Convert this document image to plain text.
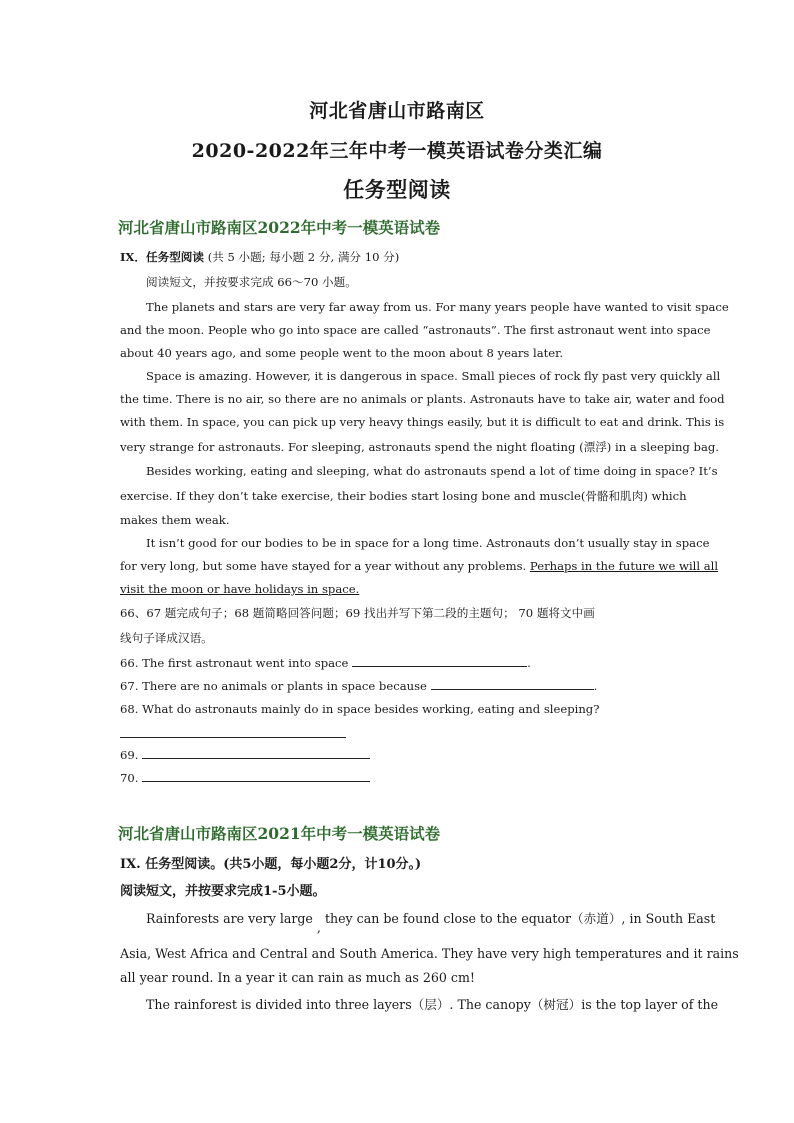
河北省唐山市路南区
2020-2022年三年中考一模英语试卷分类汇编
任务型阅读
河北省唐山市路南区2022年中考一模英语试卷
IX．任务型阅读 (共 5 小题; 每小题 2 分, 满分 10 分)
阅读短文，并按要求完成 66～70 小题。
The planets and stars are very far away from us. For many years people have wanted to visit space
and the moon. People who go into space are called “astronauts”. The first astronaut went into space
about 40 years ago, and some people went to the moon about 8 years later.
Space is amazing. However, it is dangerous in space. Small pieces of rock fly past very quickly all
the time. There is no air, so there are no animals or plants. Astronauts have to take air, water and food
with them. In space, you can pick up very heavy things easily, but it is difficult to eat and drink. This is
very strange for astronauts. For sleeping, astronauts spend the night floating (漂浮) in a sleeping bag.
Besides working, eating and sleeping, what do astronauts spend a lot of time doing in space? It’s
exercise. If they don’t take exercise, their bodies start losing bone and muscle(骨骼和肌肉) which
makes them weak.
It isn’t good for our bodies to be in space for a long time. Astronauts don’t usually stay in space
for very long, but some have stayed for a year without any problems. Perhaps in the future we will all
visit the moon or have holidays in space.
66、67 题完成句子；68 题简略回答问题；69 找出并写下第二段的主题句； 70 题将文中画
线句子译成汉语。
66. The first astronaut went into space	.
67. There are no animals or plants in space because	.
68. What do astronauts mainly do in space besides working, eating and sleeping?
69.
70.
河北省唐山市路南区2021年中考一模英语试卷
IX. 任务型阅读。(共5小题，每小题2分，计10分。)
阅读短文，并按要求完成1-5小题。
Rainforests are very large , they can be found close to the equator（赤道）, in South East
Asia, West Africa and Central and South America. They have very high temperatures and it rains
all year round. In a year it can rain as much as 260 cm!
The rainforest is divided into three layers（层）. The canopy（树冠）is the top layer of the
